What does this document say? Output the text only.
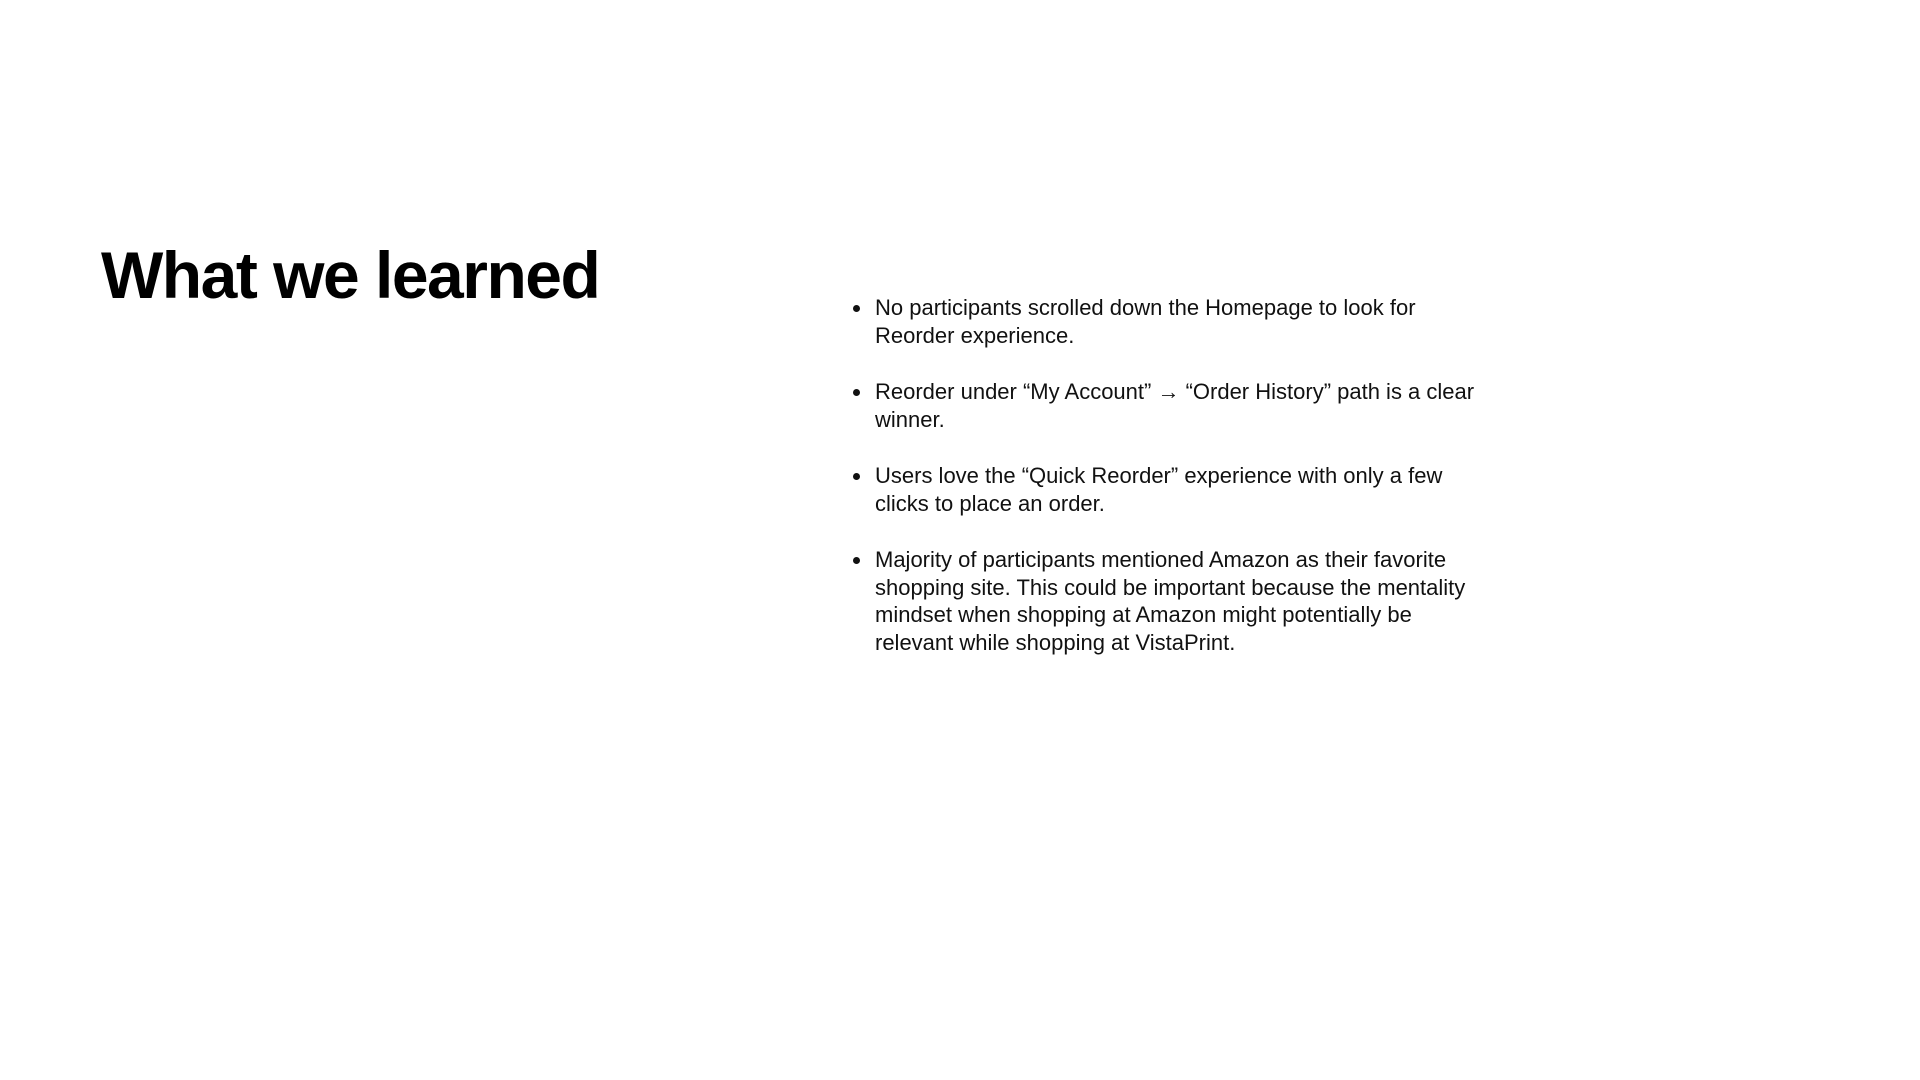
What we learned	No participants scrolled down the Homepage to look for Reorder experience.
Reorder under “My Account” → “Order History” path is a clear winner.
Users love the “Quick Reorder” experience with only a few clicks to place an order.
Majority of participants mentioned Amazon as their favorite shopping site. This could be important because the mentality mindset when shopping at Amazon might potentially be relevant while shopping at VistaPrint.
